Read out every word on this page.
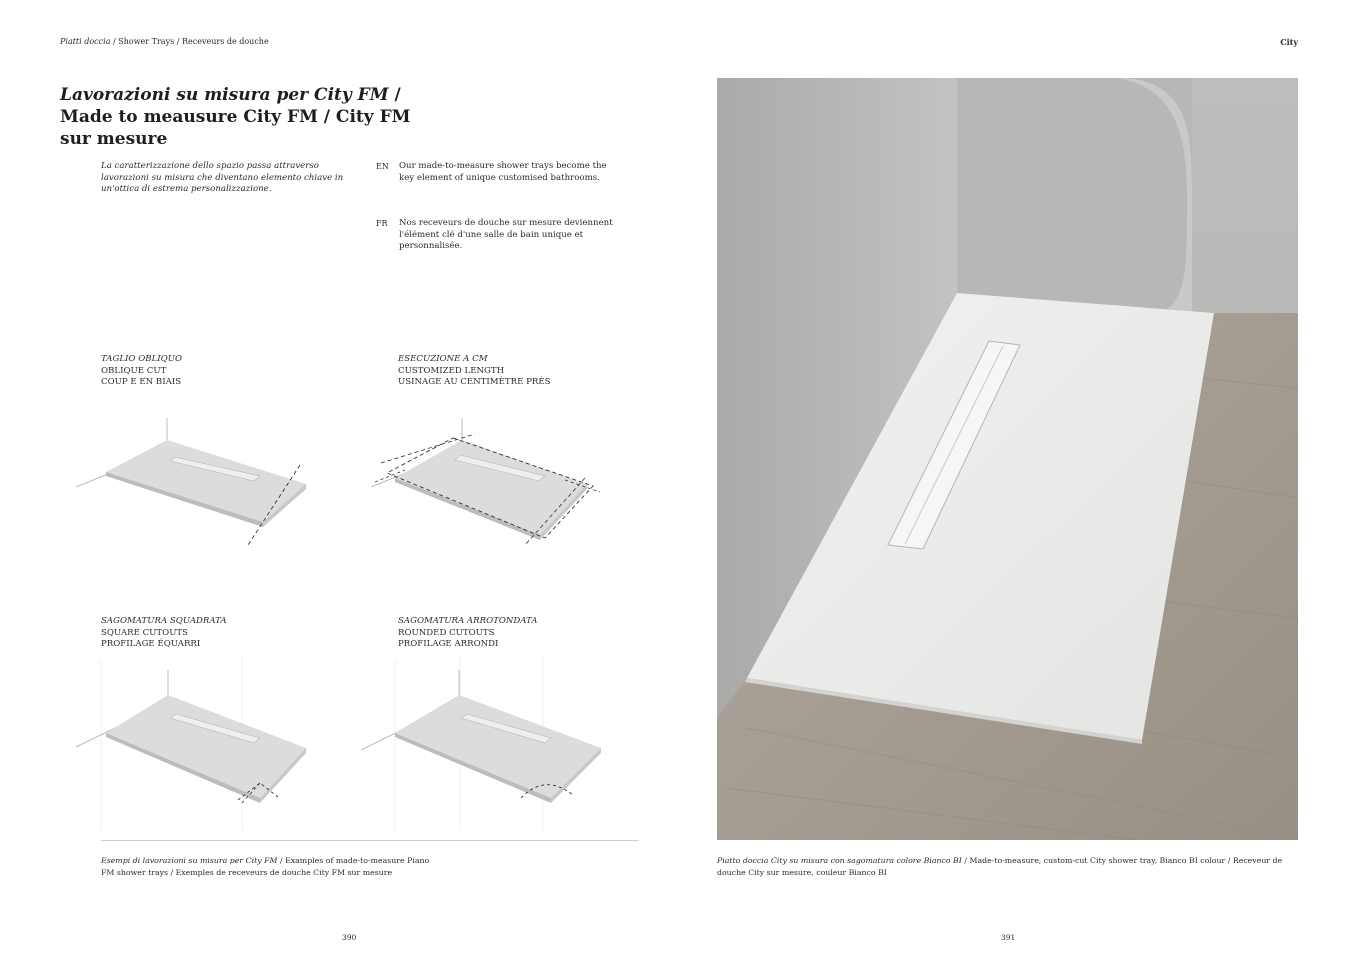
Piatti doccia / Shower Trays / Receveurs de douche	City
Lavorazioni su misura per City FM / Made to meausure City FM / City FM sur mesure
La caratterizzazione dello spazio passa attraverso lavorazioni su misura che diventano elemento chiave in un'ottica di estrema personalizzazione.
EN Our made-to-measure shower trays become the key element of unique customised bathrooms.
FR Nos receveurs de douche sur mesure deviennent l'élément clé d'une salle de bain unique et personnalisée.
TAGLIO OBLIQUO
OBLIQUE CUT
COUP E EN BIAIS
ESECUZIONE A CM
CUSTOMIZED LENGTH
USINAGE AU CENTIMÈTRE PRÈS
SAGOMATURA SQUADRATA
SQUARE CUTOUTS
PROFILAGE ÉQUARRI
SAGOMATURA ARROTONDATA
ROUNDED CUTOUTS
PROFILAGE ARRONDI
Esempi di lavorazioni su misura per City FM / Examples of made-to-measure Piano FM shower trays / Exemples de receveurs de douche City FM sur mesure
Piatto doccia City su misura con sagomatura colore Bianco BI / Made-to-measure, custom-cut City shower tray, Bianco BI colour / Receveur de douche City sur mesure, couleur Bianco BI
390	391
